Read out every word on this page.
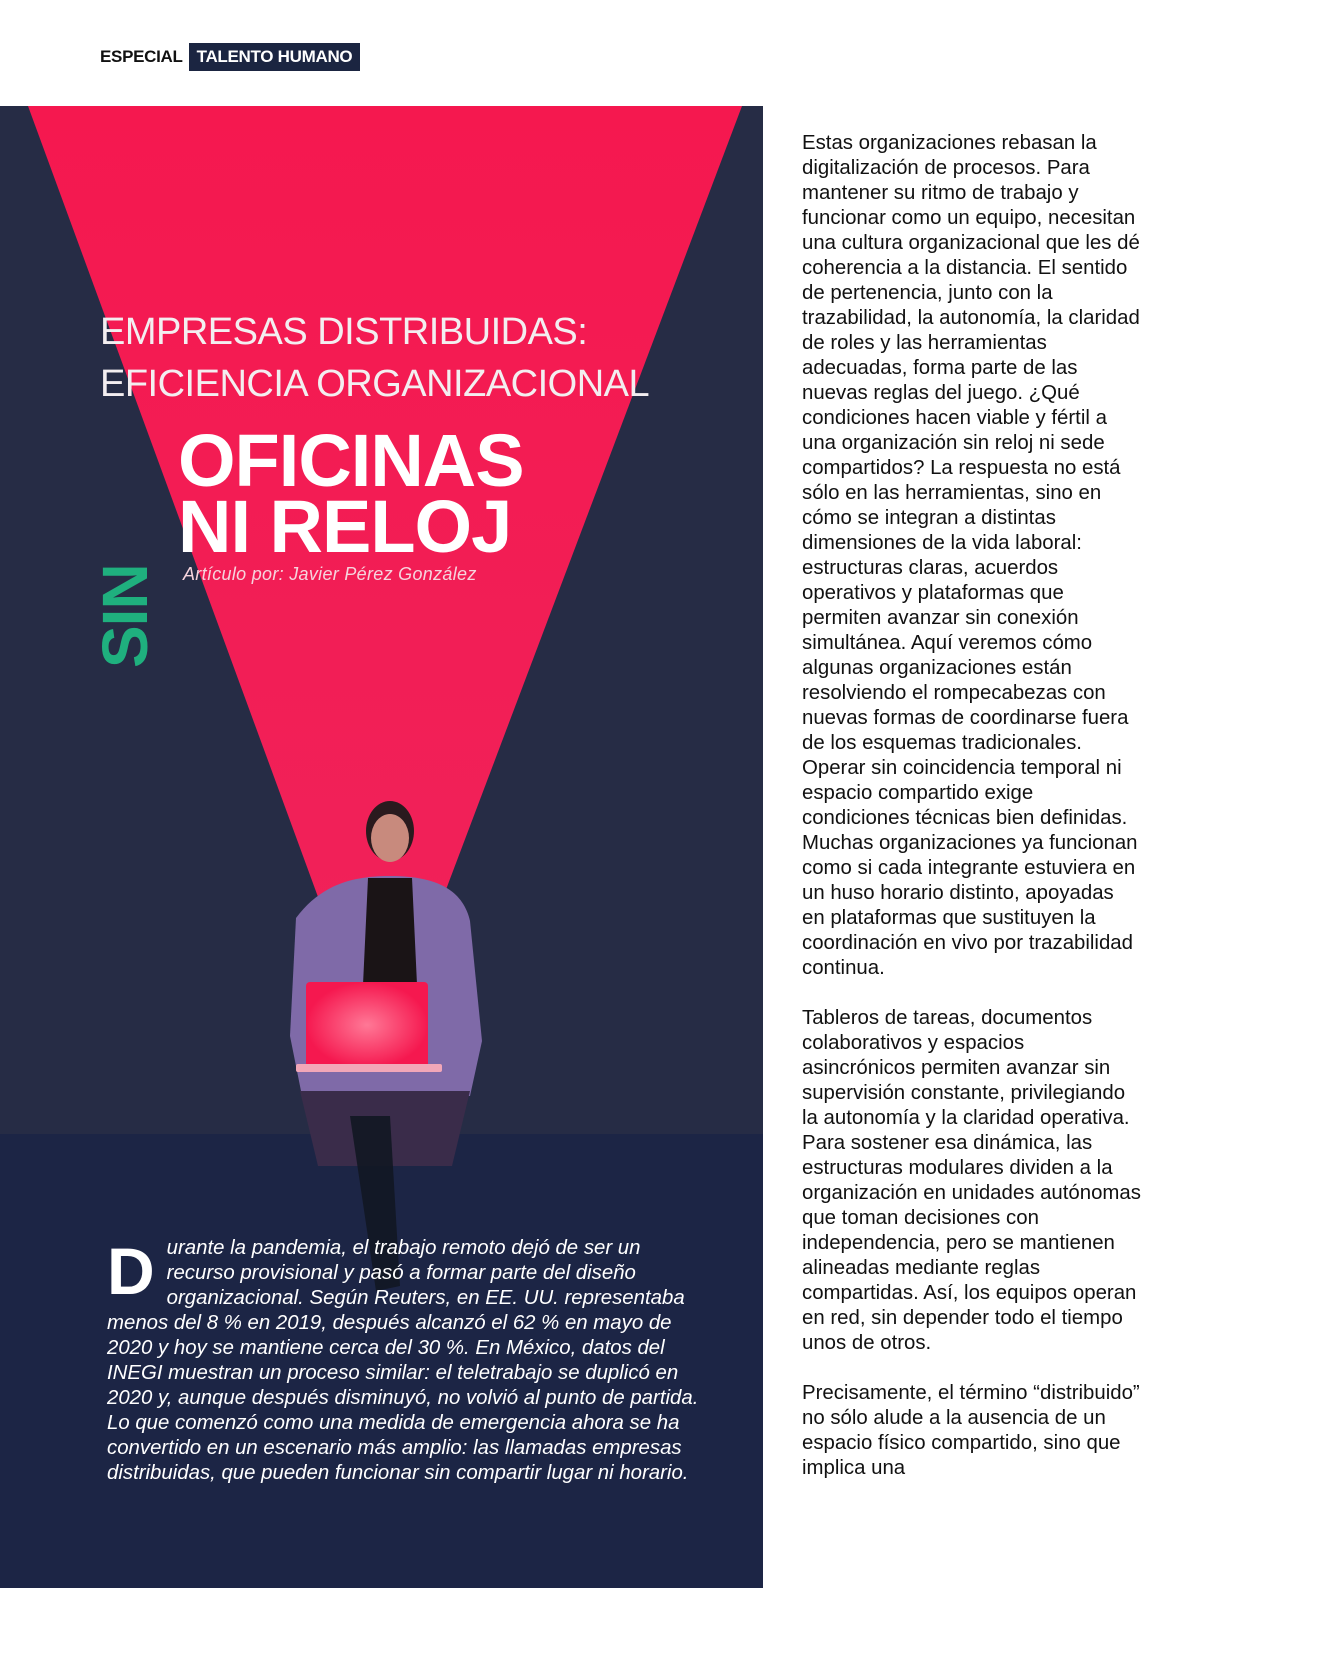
ESPECIAL TALENTO HUMANO
EMPRESAS DISTRIBUIDAS:
EFICIENCIA ORGANIZACIONAL
SIN
OFICINAS
NI RELOJ
Artículo por: Javier Pérez González
D urante la pandemia, el trabajo remoto dejó de ser un recurso provisional y pasó a formar parte del diseño organizacional. Según Reuters, en EE. UU. representaba menos del 8 % en 2019, después alcanzó el 62 % en mayo de 2020 y hoy se mantiene cerca del 30 %. En México, datos del INEGI muestran un proceso similar: el teletrabajo se duplicó en 2020 y, aunque después disminuyó, no volvió al punto de partida. Lo que comenzó como una medida de emergencia ahora se ha convertido en un escenario más amplio: las llamadas empresas distribuidas, que pueden funcionar sin compartir lugar ni horario.

Estas organizaciones rebasan la digitalización de procesos. Para mantener su ritmo de trabajo y funcionar como un equipo, necesitan una cultura organizacional que les dé coherencia a la distancia. El sentido de pertenencia, junto con la trazabilidad, la autonomía, la claridad de roles y las herramientas adecuadas, forma parte de las nuevas reglas del juego. ¿Qué condiciones hacen viable y fértil a una organización sin reloj ni sede compartidos? La respuesta no está sólo en las herramientas, sino en cómo se integran a distintas dimensiones de la vida laboral: estructuras claras, acuerdos operativos y plataformas que permiten avanzar sin conexión simultánea. Aquí veremos cómo algunas organizaciones están resolviendo el rompecabezas con nuevas formas de coordinarse fuera de los esquemas tradicionales. Operar sin coincidencia temporal ni espacio compartido exige condiciones técnicas bien definidas. Muchas organizaciones ya funcionan como si cada integrante estuviera en un huso horario distinto, apoyadas en plataformas que sustituyen la coordinación en vivo por trazabilidad continua.

Tableros de tareas, documentos colaborativos y espacios asincrónicos permiten avanzar sin supervisión constante, privilegiando la autonomía y la claridad operativa. Para sostener esa dinámica, las estructuras modulares dividen a la organización en unidades autónomas que toman decisiones con independencia, pero se mantienen alineadas mediante reglas compartidas. Así, los equipos operan en red, sin depender todo el tiempo unos de otros.

Precisamente, el término “distribuido” no sólo alude a la ausencia de un espacio físico compartido, sino que implica una
